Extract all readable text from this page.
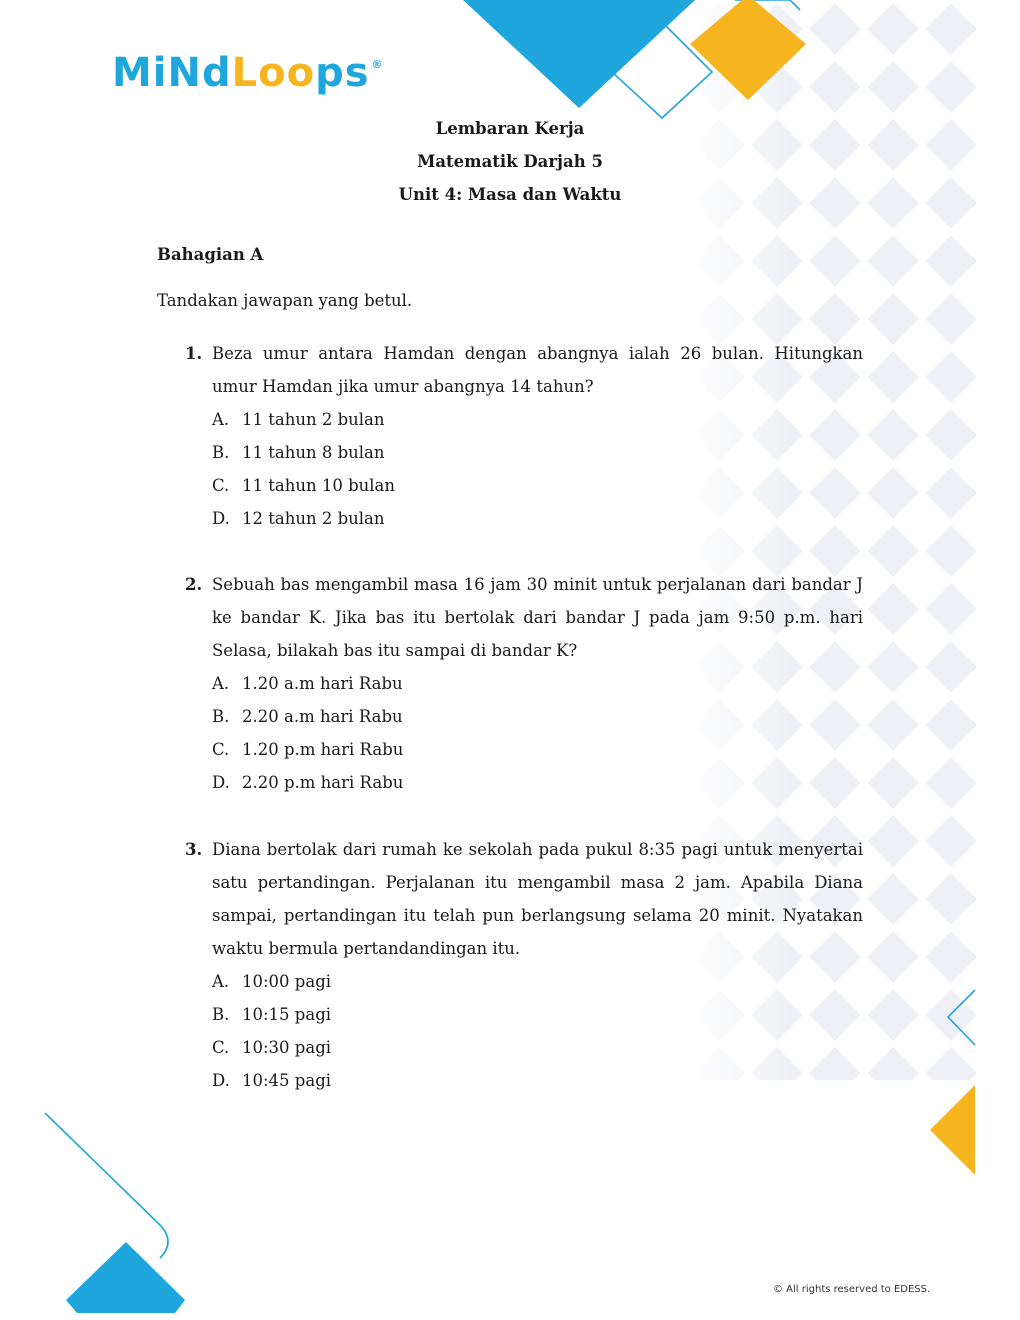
MiNd Loo ps ®
Lembaran Kerja
Matematik Darjah 5
Unit 4: Masa dan Waktu
Bahagian A
Tandakan jawapan yang betul.
1. Beza umur antara Hamdan dengan abangnya ialah 26 bulan. Hitungkan umur Hamdan jika umur abangnya 14 tahun?
A. 11 tahun 2 bulan
B. 11 tahun 8 bulan
C. 11 tahun 10 bulan
D. 12 tahun 2 bulan
2. Sebuah bas mengambil masa 16 jam 30 minit untuk perjalanan dari bandar J ke bandar K. Jika bas itu bertolak dari bandar J pada jam 9:50 p.m. hari Selasa, bilakah bas itu sampai di bandar K?
A. 1.20 a.m hari Rabu
B. 2.20 a.m hari Rabu
C. 1.20 p.m hari Rabu
D. 2.20 p.m hari Rabu
3. Diana bertolak dari rumah ke sekolah pada pukul 8:35 pagi untuk menyertai satu pertandingan. Perjalanan itu mengambil masa 2 jam. Apabila Diana sampai, pertandingan itu telah pun berlangsung selama 20 minit. Nyatakan waktu bermula pertandandingan itu.
A. 10:00 pagi
B. 10:15 pagi
C. 10:30 pagi
D. 10:45 pagi
© All rights reserved to EDESS.
